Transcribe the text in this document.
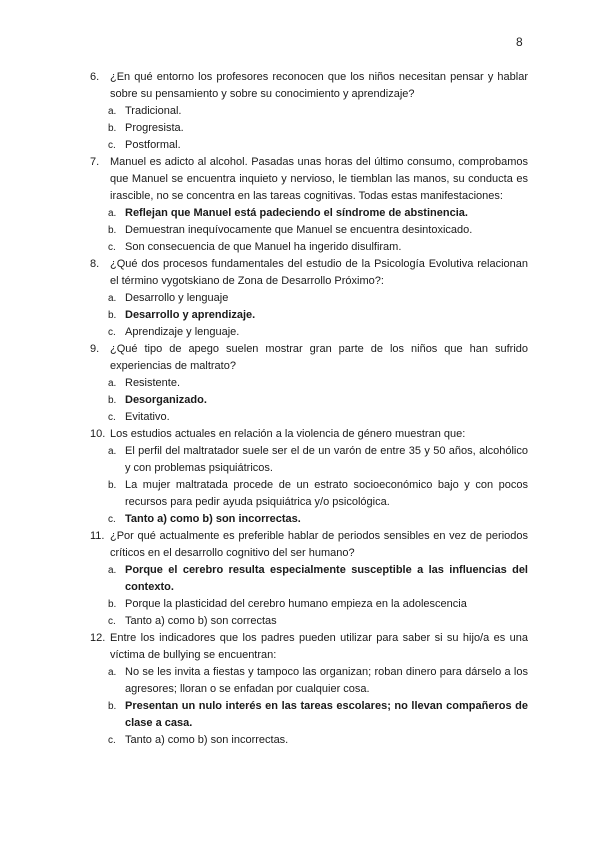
8
6. ¿En qué entorno los profesores reconocen que los niños necesitan pensar y hablar sobre su pensamiento y sobre su conocimiento y aprendizaje?
a. Tradicional.
b. Progresista.
c. Postformal.
7. Manuel es adicto al alcohol. Pasadas unas horas del último consumo, comprobamos que Manuel se encuentra inquieto y nervioso, le tiemblan las manos, su conducta es irascible, no se concentra en las tareas cognitivas. Todas estas manifestaciones:
a. Reflejan que Manuel está padeciendo el síndrome de abstinencia.
b. Demuestran inequívocamente que Manuel se encuentra desintoxicado.
c. Son consecuencia de que Manuel ha ingerido disulfiram.
8. ¿Qué dos procesos fundamentales del estudio de la Psicología Evolutiva relacionan el término vygotskiano de Zona de Desarrollo Próximo?:
a. Desarrollo y lenguaje
b. Desarrollo y aprendizaje.
c. Aprendizaje y lenguaje.
9. ¿Qué tipo de apego suelen mostrar gran parte de los niños que han sufrido experiencias de maltrato?
a. Resistente.
b. Desorganizado.
c. Evitativo.
10. Los estudios actuales en relación a la violencia de género muestran que:
a. El perfil del maltratador suele ser el de un varón de entre 35 y 50 años, alcohólico y con problemas psiquiátricos.
b. La mujer maltratada procede de un estrato socioeconómico bajo y con pocos recursos para pedir ayuda psiquiátrica y/o psicológica.
c. Tanto a) como b) son incorrectas.
11. ¿Por qué actualmente es preferible hablar de periodos sensibles en vez de periodos críticos en el desarrollo cognitivo del ser humano?
a. Porque el cerebro resulta especialmente susceptible a las influencias del contexto.
b. Porque la plasticidad del cerebro humano empieza en la adolescencia
c. Tanto a) como b) son correctas
12. Entre los indicadores que los padres pueden utilizar para saber si su hijo/a es una víctima de bullying se encuentran:
a. No se les invita a fiestas y tampoco las organizan; roban dinero para dárselo a los agresores; lloran o se enfadan por cualquier cosa.
b. Presentan un nulo interés en las tareas escolares; no llevan compañeros de clase a casa.
c. Tanto a) como b) son incorrectas.
